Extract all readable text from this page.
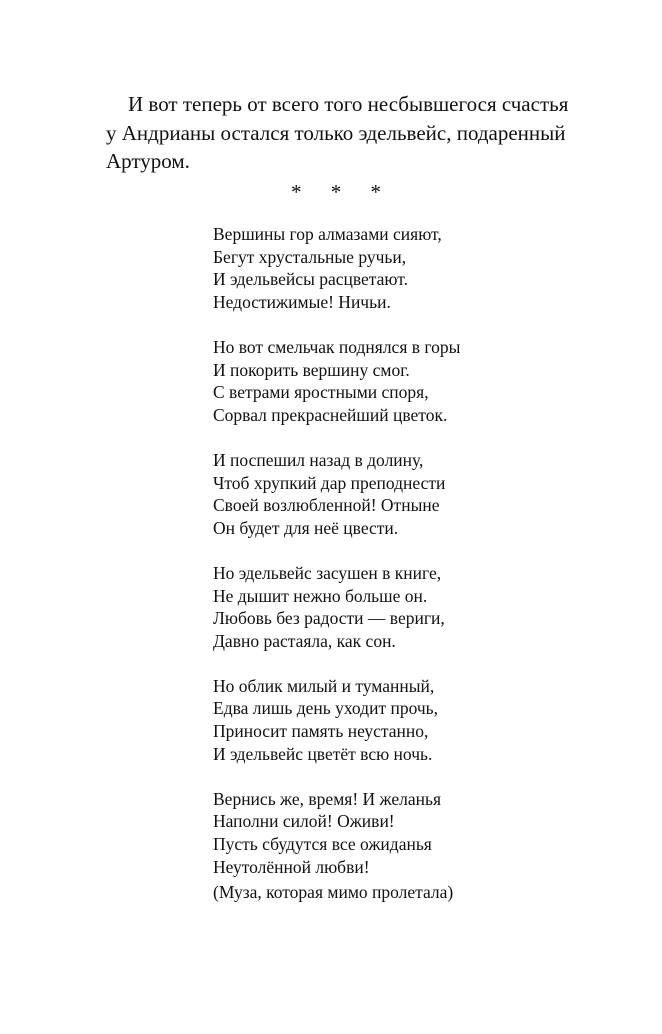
И вот теперь от всего того несбывшегося счастья
у Андрианы остался только эдельвейс, подаренный
Артуром.
* * *
Вершины гор алмазами сияют,
Бегут хрустальные ручьи,
И эдельвейсы расцветают.
Недостижимые! Ничьи.
Но вот смельчак поднялся в горы
И покорить вершину смог.
С ветрами яростными споря,
Сорвал прекраснейший цветок.
И поспешил назад в долину,
Чтоб хрупкий дар преподнести
Своей возлюбленной! Отныне
Он будет для неё цвести.
Но эдельвейс засушен в книге,
Не дышит нежно больше он.
Любовь без радости — вериги,
Давно растаяла, как сон.
Но облик милый и туманный,
Едва лишь день уходит прочь,
Приносит память неустанно,
И эдельвейс цветёт всю ночь.
Вернись же, время! И желанья
Наполни силой! Оживи!
Пусть сбудутся все ожиданья
Неутолённой любви!
(Муза, которая мимо пролетала)
